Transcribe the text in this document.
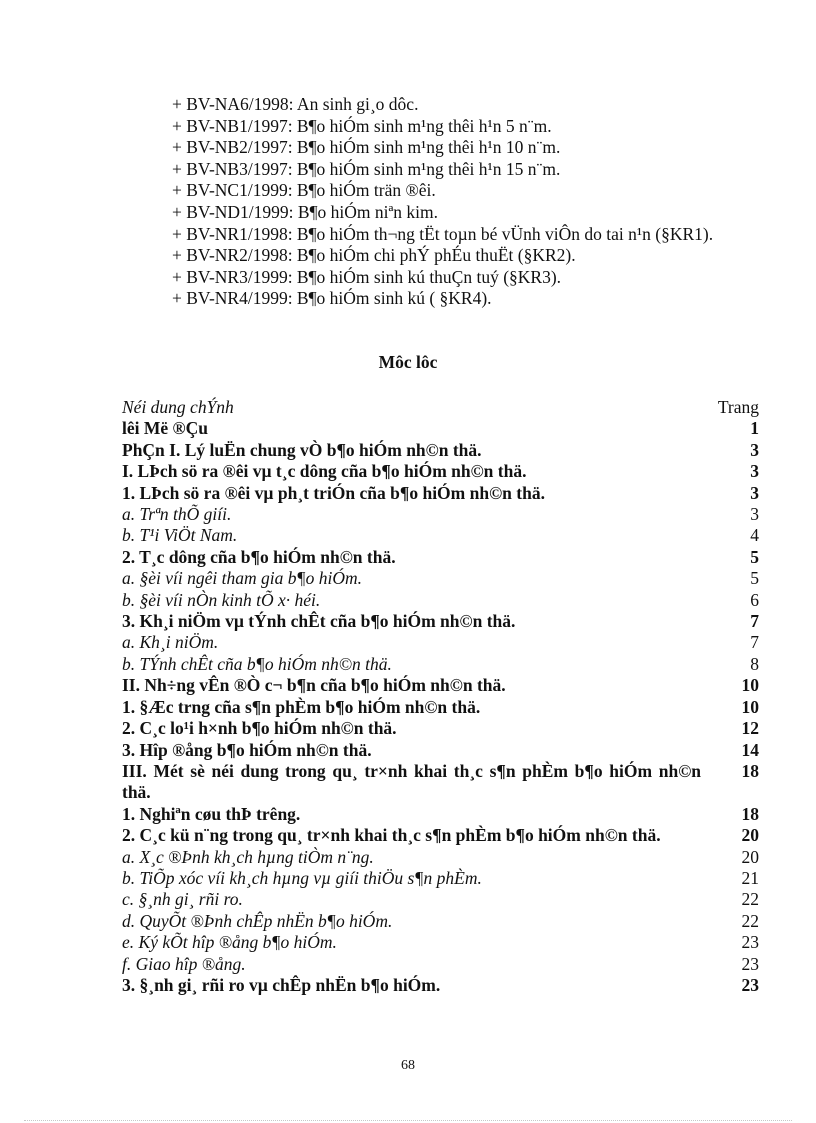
+ BV-NA6/1998: An sinh gi¸o dôc.
+ BV-NB1/1997: B¶o hiÓm sinh m¹ng thêi h¹n 5 n¨m.
+ BV-NB2/1997: B¶o hiÓm sinh m¹ng thêi h¹n 10 n¨m.
+ BV-NB3/1997: B¶o hiÓm sinh m¹ng thêi h¹n 15 n¨m.
+ BV-NC1/1999: B¶o hiÓm trän ®êi.
+ BV-ND1/1999: B¶o hiÓm niªn kim.
+ BV-NR1/1998: B¶o hiÓm th¬ng tËt toµn bé vÜnh viÔn do tai n¹n (§KR1).
+ BV-NR2/1998: B¶o hiÓm chi phÝ phÉu thuËt (§KR2).
+ BV-NR3/1999: B¶o hiÓm sinh kú thuÇn tuý (§KR3).
+ BV-NR4/1999: B¶o hiÓm sinh kú ( §KR4).
Môc lôc
Néi dung chÝnh	Trang
lêi Më ®Çu	1
PhÇn I. Lý luËn chung vÒ b¶o hiÓm nh©n thä.	3
I. LÞch sö ra ®êi vµ t¸c dông cña b¶o hiÓm nh©n thä.	3
1. LÞch sö ra ®êi vµ ph¸t triÓn cña b¶o hiÓm nh©n thä.	3
a. Trªn thÕ giíi.	3
b. T¹i ViÖt Nam.	4
2. T¸c dông cña b¶o hiÓm nh©n thä.	5
a. §èi víi ngêi tham gia b¶o hiÓm.	5
b. §èi víi nÒn kinh tÕ x· héi.	6
3. Kh¸i niÖm vµ tÝnh chÊt cña b¶o hiÓm nh©n thä.	7
a. Kh¸i niÖm.	7
b. TÝnh chÊt cña b¶o hiÓm nh©n thä.	8
II. Nh÷ng vÊn ®Ò c¬ b¶n cña b¶o hiÓm nh©n thä.	10
1. §Æc trng cña s¶n phÈm b¶o hiÓm nh©n thä.	10
2. C¸c lo¹i h×nh b¶o hiÓm nh©n thä.	12
3. Hîp ®ång b¶o hiÓm nh©n thä.	14
III. Mét sè néi dung trong qu¸ tr×nh khai th¸c s¶n phÈm b¶o hiÓm nh©n thä.
18
1. Nghiªn cøu thÞ trêng.	18
2. C¸c kü n¨ng trong qu¸ tr×nh khai th¸c s¶n phÈm b¶o hiÓm nh©n thä.	20
a. X¸c ®Þnh kh¸ch hµng tiÒm n¨ng.	20
b. TiÕp xóc víi kh¸ch hµng vµ giíi thiÖu s¶n phÈm.	21
c. §¸nh gi¸ rñi ro.	22
d. QuyÕt ®Þnh chÊp nhËn b¶o hiÓm.	22
e. Ký kÕt hîp ®ång b¶o hiÓm.	23
f. Giao hîp ®ång.	23
3. §¸nh gi¸ rñi ro vµ chÊp nhËn b¶o hiÓm.	23
68
